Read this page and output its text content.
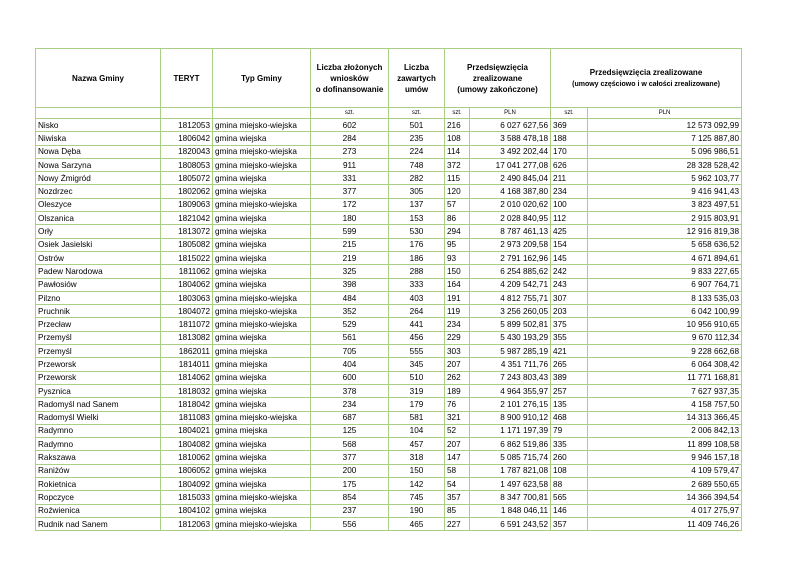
Nazwa Gminy	TERYT	Typ Gminy	Liczba złożonych
wniosków
o dofinansowanie	Liczba
zawartych
umów	Przedsięwzięcia
zrealizowane
(umowy zakończone)		Przedsięwzięcia zrealizowane
(umowy częściowo i w całości zrealizowane)	
			szt.	szt.	szt.	PLN	szt.	PLN
Nisko	1812053	gmina miejsko-wiejska	602	501	216	6 027 627,56	369	12 573 092,99
Niwiska	1806042	gmina wiejska	284	235	108	3 588 478,18	188	7 125 887,80
Nowa Dęba	1820043	gmina miejsko-wiejska	273	224	114	3 492 202,44	170	5 096 986,51
Nowa Sarzyna	1808053	gmina miejsko-wiejska	911	748	372	17 041 277,08	626	28 328 528,42
Nowy Żmigród	1805072	gmina wiejska	331	282	115	2 490 845,04	211	5 962 103,77
Nozdrzec	1802062	gmina wiejska	377	305	120	4 168 387,80	234	9 416 941,43
Oleszyce	1809063	gmina miejsko-wiejska	172	137	57	2 010 020,62	100	3 823 497,51
Olszanica	1821042	gmina wiejska	180	153	86	2 028 840,95	112	2 915 803,91
Orły	1813072	gmina wiejska	599	530	294	8 787 461,13	425	12 916 819,38
Osiek Jasielski	1805082	gmina wiejska	215	176	95	2 973 209,58	154	5 658 636,52
Ostrów	1815022	gmina wiejska	219	186	93	2 791 162,96	145	4 671 894,61
Padew Narodowa	1811062	gmina wiejska	325	288	150	6 254 885,62	242	9 833 227,65
Pawłosiów	1804062	gmina wiejska	398	333	164	4 209 542,71	243	6 907 764,71
Pilzno	1803063	gmina miejsko-wiejska	484	403	191	4 812 755,71	307	8 133 535,03
Pruchnik	1804072	gmina miejsko-wiejska	352	264	119	3 256 260,05	203	6 042 100,99
Przecław	1811072	gmina miejsko-wiejska	529	441	234	5 899 502,81	375	10 956 910,65
Przemyśl	1813082	gmina wiejska	561	456	229	5 430 193,29	355	9 670 112,34
Przemyśl	1862011	gmina miejska	705	555	303	5 987 285,19	421	9 228 662,68
Przeworsk	1814011	gmina miejska	404	345	207	4 351 711,76	265	6 064 308,42
Przeworsk	1814062	gmina wiejska	600	510	262	7 243 803,43	389	11 771 168,81
Pysznica	1818032	gmina wiejska	378	319	189	4 964 355,97	257	7 627 937,35
Radomyśl nad Sanem	1818042	gmina wiejska	234	179	76	2 101 276,15	135	4 158 757,50
Radomyśl Wielki	1811083	gmina miejsko-wiejska	687	581	321	8 900 910,12	468	14 313 366,45
Radymno	1804021	gmina miejska	125	104	52	1 171 197,39	79	2 006 842,13
Radymno	1804082	gmina wiejska	568	457	207	6 862 519,86	335	11 899 108,58
Rakszawa	1810062	gmina wiejska	377	318	147	5 085 715,74	260	9 946 157,18
Raniżów	1806052	gmina wiejska	200	150	58	1 787 821,08	108	4 109 579,47
Rokietnica	1804092	gmina wiejska	175	142	54	1 497 623,58	88	2 689 550,65
Ropczyce	1815033	gmina miejsko-wiejska	854	745	357	8 347 700,81	565	14 366 394,54
Roźwienica	1804102	gmina wiejska	237	190	85	1 848 046,11	146	4 017 275,97
Rudnik nad Sanem	1812063	gmina miejsko-wiejska	556	465	227	6 591 243,52	357	11 409 746,26
